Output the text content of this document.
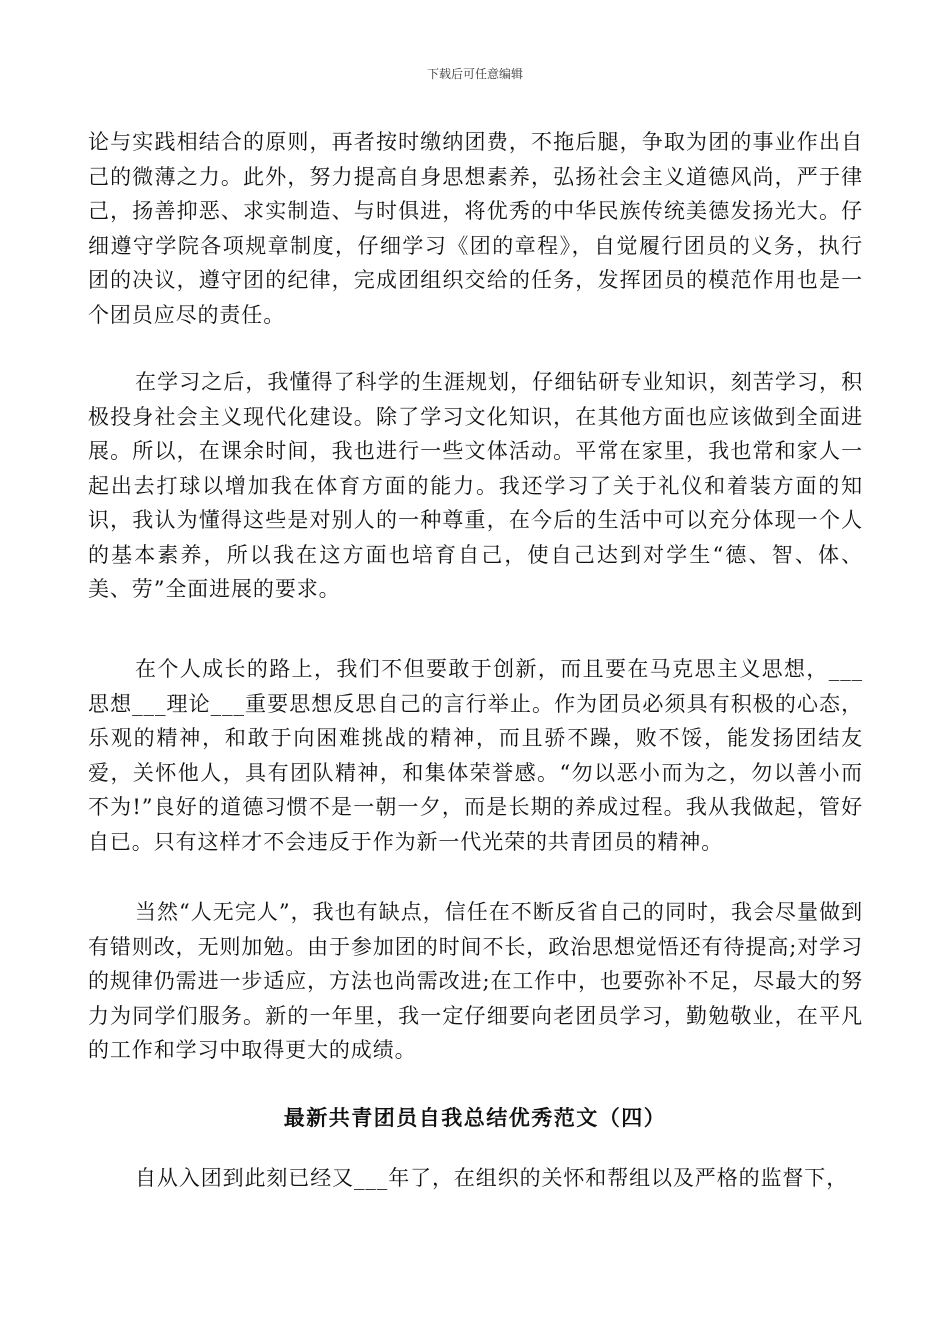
下载后可任意编辑

论与实践相结合的原则，再者按时缴纳团费，不拖后腿，争取为团的事业作出自己的微薄之力。此外，努力提高自身思想素养，弘扬社会主义道德风尚，严于律己，扬善抑恶、求实制造、与时俱进，将优秀的中华民族传统美德发扬光大。仔细遵守学院各项规章制度，仔细学习《团的章程》，自觉履行团员的义务，执行团的决议，遵守团的纪律，完成团组织交给的任务，发挥团员的模范作用也是一个团员应尽的责任。

在学习之后，我懂得了科学的生涯规划，仔细钻研专业知识，刻苦学习，积极投身社会主义现代化建设。除了学习文化知识，在其他方面也应该做到全面进展。所以，在课余时间，我也进行一些文体活动。平常在家里，我也常和家人一起出去打球以增加我在体育方面的能力。我还学习了关于礼仪和着装方面的知识，我认为懂得这些是对别人的一种尊重，在今后的生活中可以充分体现一个人的基本素养，所以我在这方面也培育自己，使自己达到对学生“德、智、体、美、劳”全面进展的要求。

在个人成长的路上，我们不但要敢于创新，而且要在马克思主义思想，___思想___理论___重要思想反思自己的言行举止。作为团员必须具有积极的心态，乐观的精神，和敢于向困难挑战的精神，而且骄不躁，败不馁，能发扬团结友爱，关怀他人，具有团队精神，和集体荣誉感。“勿以恶小而为之，勿以善小而不为!”良好的道德习惯不是一朝一夕，而是长期的养成过程。我从我做起，管好自已。只有这样才不会违反于作为新一代光荣的共青团员的精神。

当然“人无完人”，我也有缺点，信任在不断反省自己的同时，我会尽量做到有错则改，无则加勉。由于参加团的时间不长，政治思想觉悟还有待提高;对学习的规律仍需进一步适应，方法也尚需改进;在工作中，也要弥补不足，尽最大的努力为同学们服务。新的一年里，我一定仔细要向老团员学习，勤勉敬业，在平凡的工作和学习中取得更大的成绩。

最新共青团员自我总结优秀范文（四）

自从入团到此刻已经又___年了，在组织的关怀和帮组以及严格的监督下，
